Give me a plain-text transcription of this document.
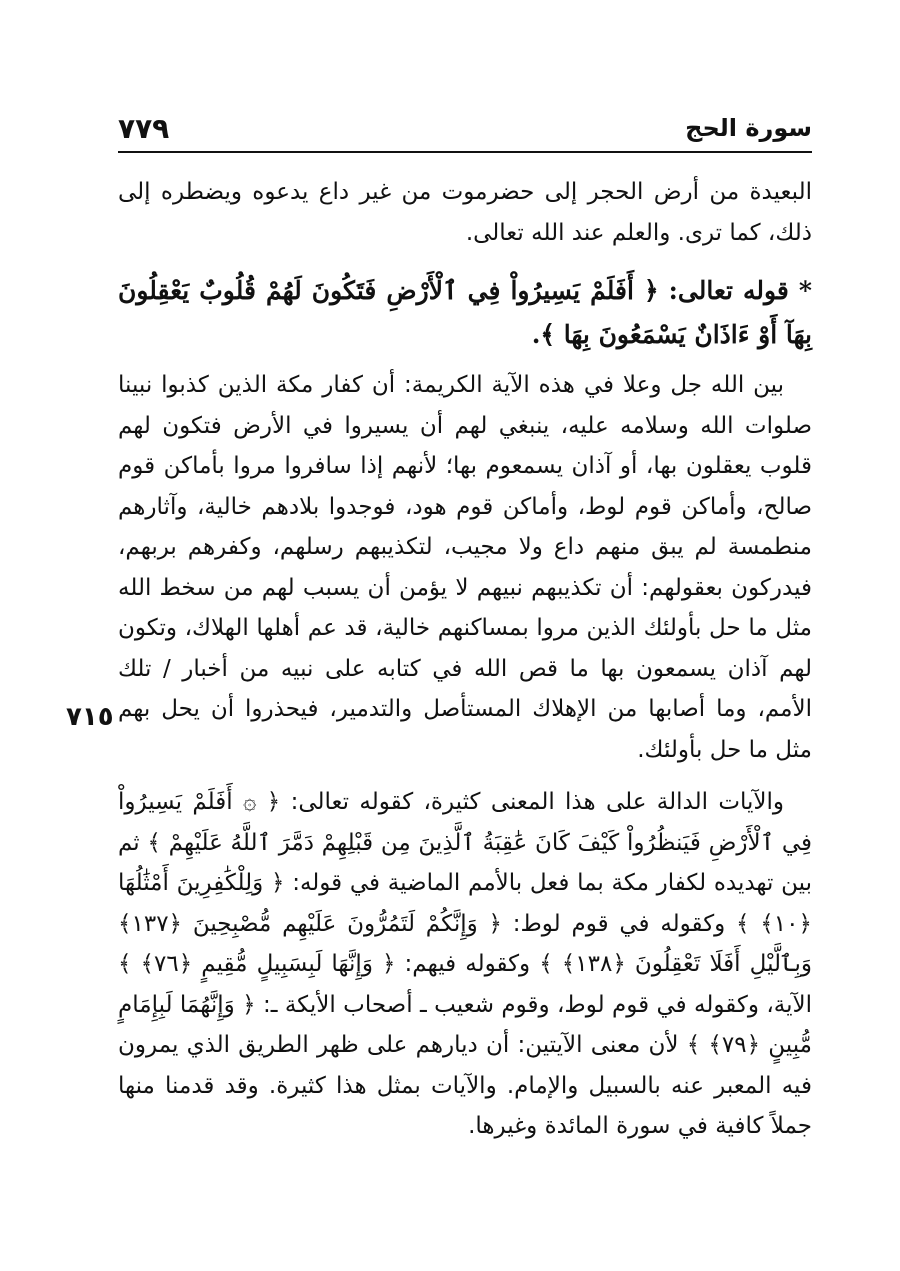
سورة الحج
٧٧٩
٧١٥

البعيدة من أرض الحجر إلى حضرموت من غير داع يدعوه ويضطره إلى ذلك، كما ترى. والعلم عند الله تعالى.

* قوله تعالى: ﴿ أَفَلَمْ يَسِيرُواْ فِي ٱلْأَرْضِ فَتَكُونَ لَهُمْ قُلُوبٌ يَعْقِلُونَ بِهَآ أَوْ ءَاذَانٌ يَسْمَعُونَ بِهَا ﴾.

بين الله جل وعلا في هذه الآية الكريمة: أن كفار مكة الذين كذبوا نبينا صلوات الله وسلامه عليه، ينبغي لهم أن يسيروا في الأرض فتكون لهم قلوب يعقلون بها، أو آذان يسمعوم بها؛ لأنهم إذا سافروا مروا بأماكن قوم صالح، وأماكن قوم لوط، وأماكن قوم هود، فوجدوا بلادهم خالية، وآثارهم منطمسة لم يبق منهم داع ولا مجيب، لتكذيبهم رسلهم، وكفرهم بربهم، فيدركون بعقولهم: أن تكذيبهم نبيهم لا يؤمن أن يسبب لهم من سخط الله مثل ما حل بأولئك الذين مروا بمساكنهم خالية، قد عم أهلها الهلاك، وتكون لهم آذان يسمعون بها ما قص الله في كتابه على نبيه من أخبار / تلك الأمم، وما أصابها من الإهلاك المستأصل والتدمير، فيحذروا أن يحل بهم مثل ما حل بأولئك.

والآيات الدالة على هذا المعنى كثيرة، كقوله تعالى: ﴿ ۞ أَفَلَمْ يَسِيرُواْ فِي ٱلْأَرْضِ فَيَنظُرُواْ كَيْفَ كَانَ عَٰقِبَةُ ٱلَّذِينَ مِن قَبْلِهِمْ دَمَّرَ ٱللَّهُ عَلَيْهِمْ ﴾ ثم بين تهديده لكفار مكة بما فعل بالأمم الماضية في قوله: ﴿ وَلِلْكَٰفِرِينَ أَمْثَٰلُهَا ﴿١٠﴾ ﴾ وكقوله في قوم لوط: ﴿ وَإِنَّكُمْ لَتَمُرُّونَ عَلَيْهِم مُّصْبِحِينَ ﴿١٣٧﴾ وَبِٱلَّيْلِ أَفَلَا تَعْقِلُونَ ﴿١٣٨﴾ ﴾ وكقوله فيهم: ﴿ وَإِنَّهَا لَبِسَبِيلٍ مُّقِيمٍ ﴿٧٦﴾ ﴾ الآية، وكقوله في قوم لوط، وقوم شعيب ـ أصحاب الأيكة ـ: ﴿ وَإِنَّهُمَا لَبِإِمَامٍ مُّبِينٍ ﴿٧٩﴾ ﴾ لأن معنى الآيتين: أن ديارهم على ظهر الطريق الذي يمرون فيه المعبر عنه بالسبيل والإمام. والآيات بمثل هذا كثيرة. وقد قدمنا منها جملاً كافية في سورة المائدة وغيرها.
